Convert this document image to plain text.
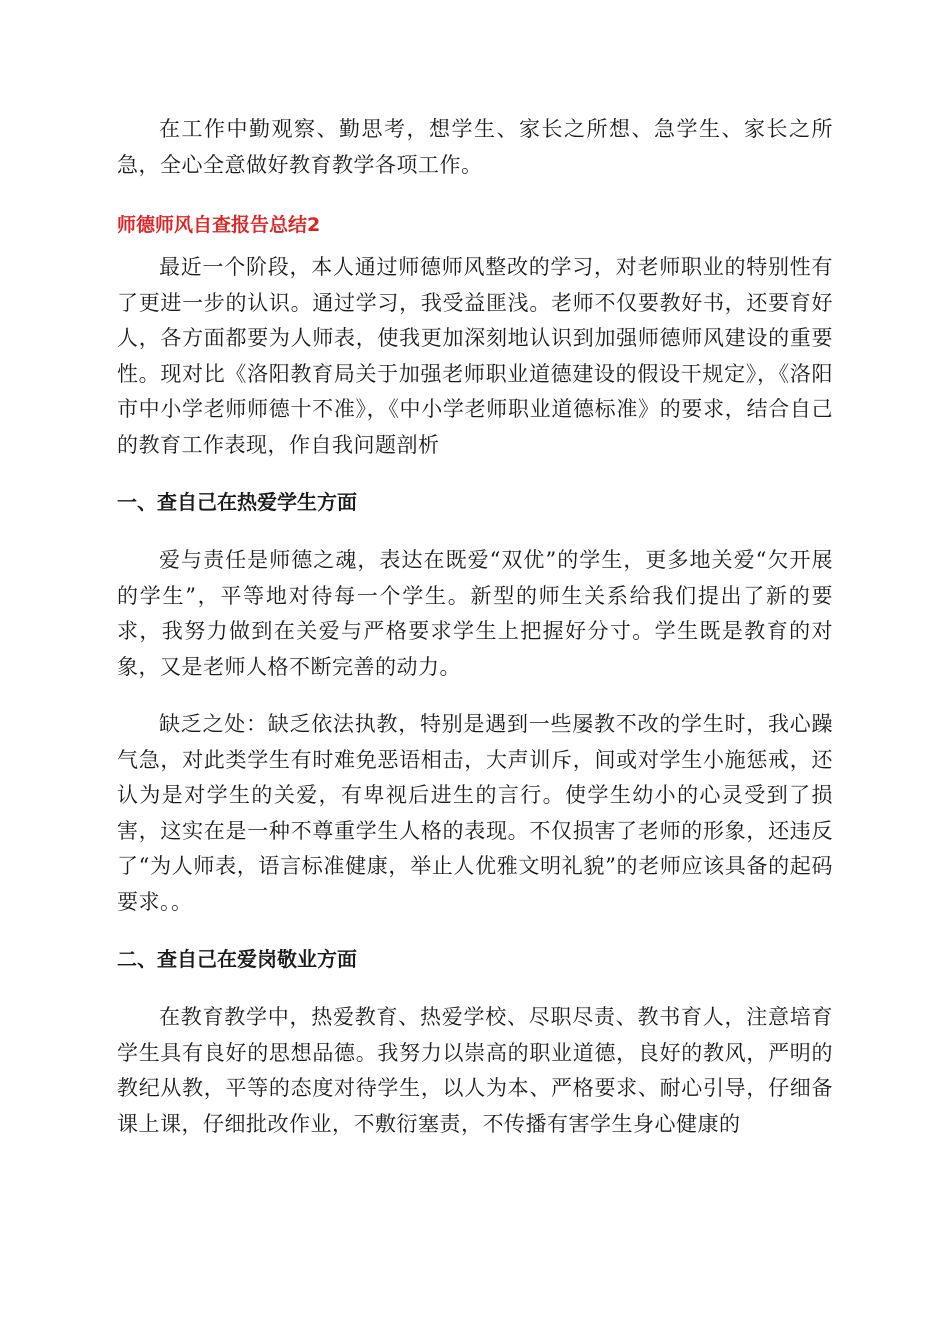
在工作中勤观察、勤思考，想学生、家长之所想、急学生、家长之所急，全心全意做好教育教学各项工作。

师德师风自查报告总结2

最近一个阶段，本人通过师德师风整改的学习，对老师职业的特别性有了更进一步的认识。通过学习，我受益匪浅。老师不仅要教好书，还要育好人，各方面都要为人师表，使我更加深刻地认识到加强师德师风建设的重要性。现对比《洛阳教育局关于加强老师职业道德建设的假设干规定》，《洛阳市中小学老师师德十不准》，《中小学老师职业道德标准》的要求，结合自己的教育工作表现，作自我问题剖析

一、查自己在热爱学生方面

爱与责任是师德之魂，表达在既爱“双优”的学生，更多地关爱“欠开展的学生”，平等地对待每一个学生。新型的师生关系给我们提出了新的要求，我努力做到在关爱与严格要求学生上把握好分寸。学生既是教育的对象，又是老师人格不断完善的动力。

缺乏之处：缺乏依法执教，特别是遇到一些屡教不改的学生时，我心躁气急，对此类学生有时难免恶语相击，大声训斥，间或对学生小施惩戒，还认为是对学生的关爱，有卑视后进生的言行。使学生幼小的心灵受到了损害，这实在是一种不尊重学生人格的表现。不仅损害了老师的形象，还违反了“为人师表，语言标准健康，举止人优雅文明礼貌”的老师应该具备的起码要求。。

二、查自己在爱岗敬业方面

在教育教学中，热爱教育、热爱学校、尽职尽责、教书育人，注意培育学生具有良好的思想品德。我努力以崇高的职业道德，良好的教风，严明的教纪从教，平等的态度对待学生，以人为本、严格要求、耐心引导，仔细备课上课，仔细批改作业，不敷衍塞责，不传播有害学生身心健康的
